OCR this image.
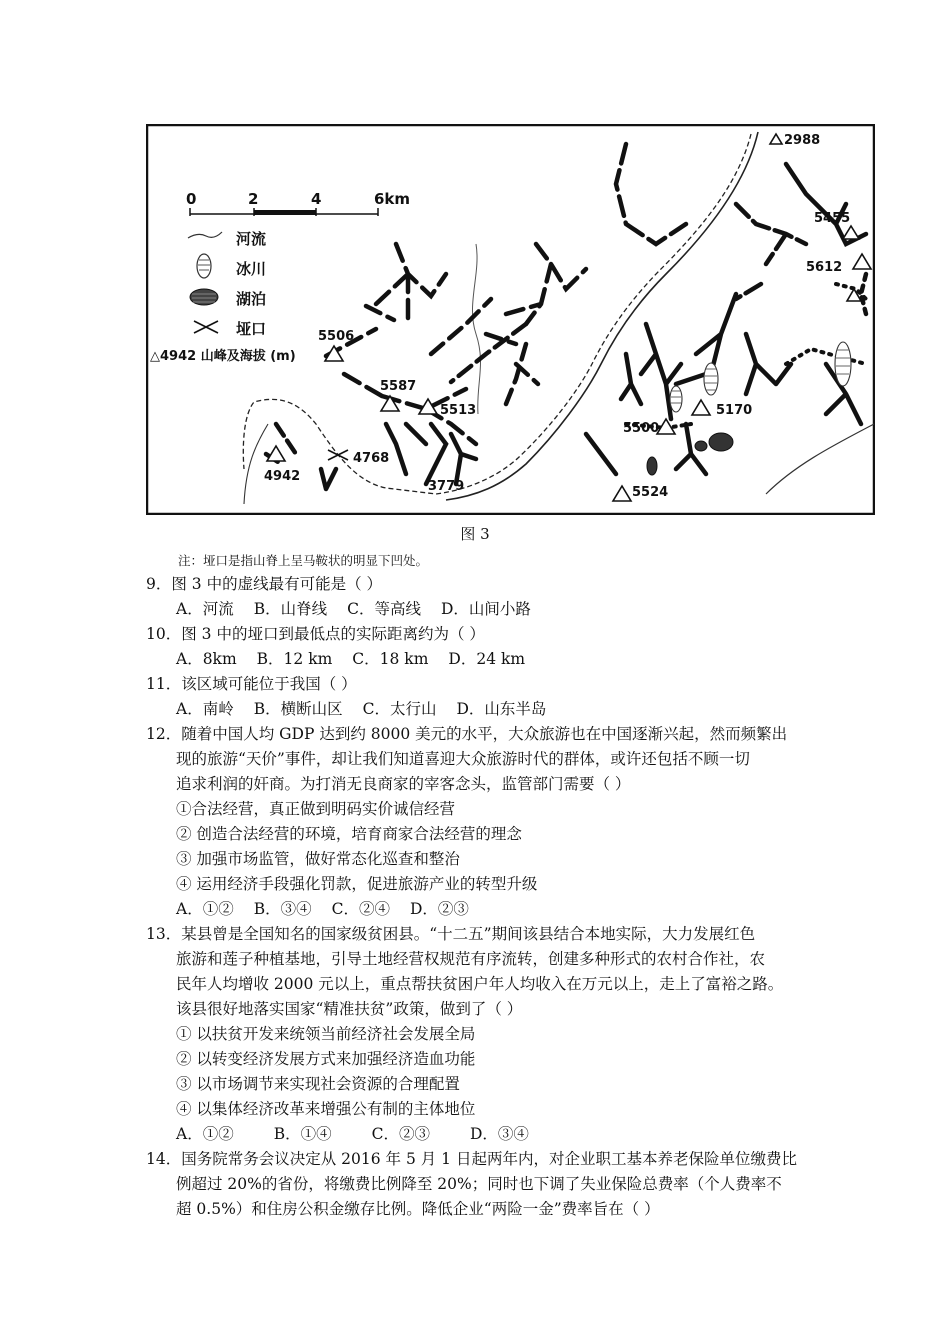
0	2	4	6km
河流
冰川
湖泊
垭口
△4942 山峰及海拔 (m)
2988
5455
5612
5506
5587
5513
5500
5170
4942
4768
3779	5524
图 3
注：垭口是指山脊上呈马鞍状的明显下凹处。
9．图 3 中的虚线最有可能是（ ）
A．河流 B．山脊线 C．等高线 D．山间小路
10．图 3 中的垭口到最低点的实际距离约为（ ）
A．8km B．12 km C．18 km D．24 km
11．该区域可能位于我国（ ）
A．南岭 B．横断山区 C．太行山 D．山东半岛
12．随着中国人均 GDP 达到约 8000 美元的水平，大众旅游也在中国逐渐兴起，然而频繁出
现的旅游“天价”事件，却让我们知道喜迎大众旅游时代的群体，或许还包括不顾一切
追求利润的奸商。为打消无良商家的宰客念头，监管部门需要（ ）
①合法经营，真正做到明码实价诚信经营
② 创造合法经营的环境，培育商家合法经营的理念
③ 加强市场监管，做好常态化巡查和整治
④ 运用经济手段强化罚款，促进旅游产业的转型升级
A．①② B．③④ C．②④ D．②③
13．某县曾是全国知名的国家级贫困县。“十二五”期间该县结合本地实际，大力发展红色
旅游和莲子种植基地，引导土地经营权规范有序流转，创建多种形式的农村合作社，农
民年人均增收 2000 元以上，重点帮扶贫困户年人均收入在万元以上，走上了富裕之路。
该县很好地落实国家“精准扶贫”政策，做到了（ ）
① 以扶贫开发来统领当前经济社会发展全局
② 以转变经济发展方式来加强经济造血功能
③ 以市场调节来实现社会资源的合理配置
④ 以集体经济改革来增强公有制的主体地位
A．①②	B．①④	C．②③	D．③④
14．国务院常务会议决定从 2016 年 5 月 1 日起两年内，对企业职工基本养老保险单位缴费比
例超过 20%的省份，将缴费比例降至 20%；同时也下调了失业保险总费率（个人费率不
超 0.5%）和住房公积金缴存比例。降低企业“两险一金”费率旨在（ ）
